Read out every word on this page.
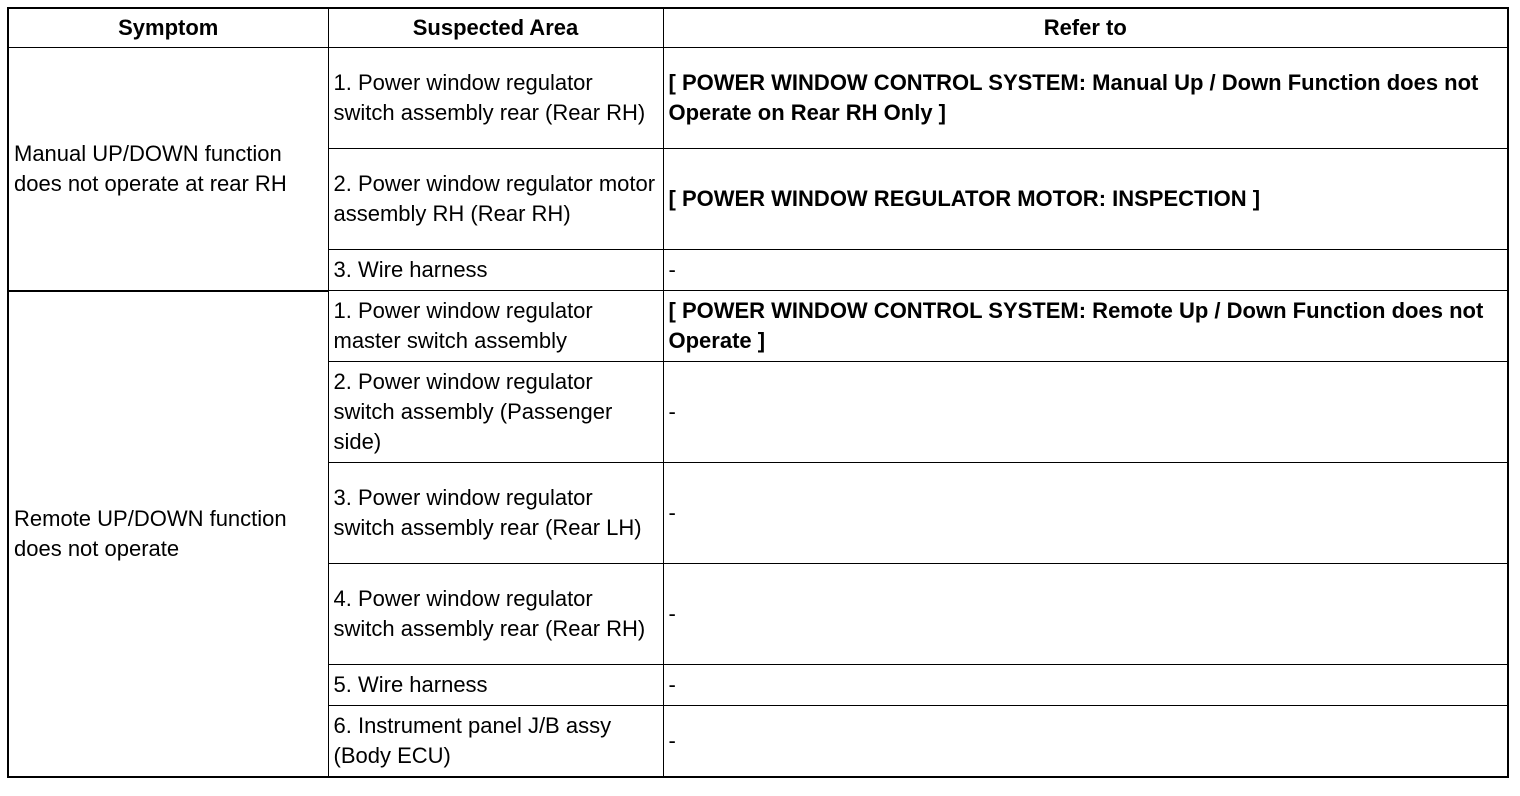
Symptom	Suspected Area	Refer to
Manual UP/DOWN function does not operate at rear RH	1. Power window regulator switch assembly rear (Rear RH)	[ POWER WINDOW CONTROL SYSTEM: Manual Up / Down Function does not Operate on Rear RH Only ]
	2. Power window regulator motor assembly RH (Rear RH)	[ POWER WINDOW REGULATOR MOTOR: INSPECTION ]
	3. Wire harness	-
Remote UP/DOWN function does not operate	1. Power window regulator master switch assembly	[ POWER WINDOW CONTROL SYSTEM: Remote Up / Down Function does not Operate ]
	2. Power window regulator switch assembly (Passenger side)	-
	3. Power window regulator switch assembly rear (Rear LH)	-
	4. Power window regulator switch assembly rear (Rear RH)	-
	5. Wire harness	-
	6. Instrument panel J/B assy (Body ECU)	-
